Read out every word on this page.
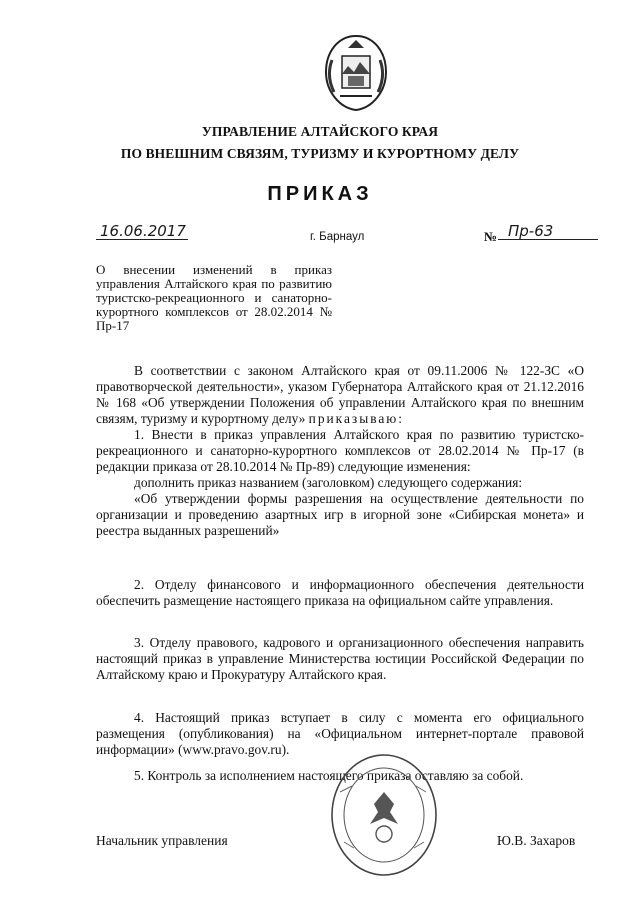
УПРАВЛЕНИЕ АЛТАЙСКОГО КРАЯ
ПО ВНЕШНИМ СВЯЗЯМ, ТУРИЗМУ И КУРОРТНОМУ ДЕЛУ
ПРИКАЗ
16.06.2017	г. Барнаул	№ Пр-63
О внесении изменений в приказ управления Алтайского края по развитию туристско-рекреационного и санаторно-курортного комплексов от 28.02.2014 № Пр-17

В соответствии с законом Алтайского края от 09.11.2006 № 122-ЗС «О правотворческой деятельности», указом Губернатора Алтайского края от 21.12.2016 № 168 «Об утверждении Положения об управлении Алтайского края по внешним связям, туризму и курортному делу» приказываю:

1. Внести в приказ управления Алтайского края по развитию туристско-рекреационного и санаторно-курортного комплексов от 28.02.2014 № Пр-17 (в редакции приказа от 28.10.2014 № Пр-89) следующие изменения:

дополнить приказ названием (заголовком) следующего содержания:

«Об утверждении формы разрешения на осуществление деятельности по организации и проведению азартных игр в игорной зоне «Сибирская монета» и реестра выданных разрешений»

2. Отделу финансового и информационного обеспечения деятельности обеспечить размещение настоящего приказа на официальном сайте управления.
3. Отделу правового, кадрового и организационного обеспечения направить настоящий приказ в управление Министерства юстиции Российской Федерации по Алтайскому краю и Прокуратуру Алтайского края.
4. Настоящий приказ вступает в силу с момента его официального размещения (опубликования) на «Официальном интернет-портале правовой информации» (www.pravo.gov.ru).
5. Контроль за исполнением настоящего приказа оставляю за собой.
Начальник управления	Ю.В. Захаров
